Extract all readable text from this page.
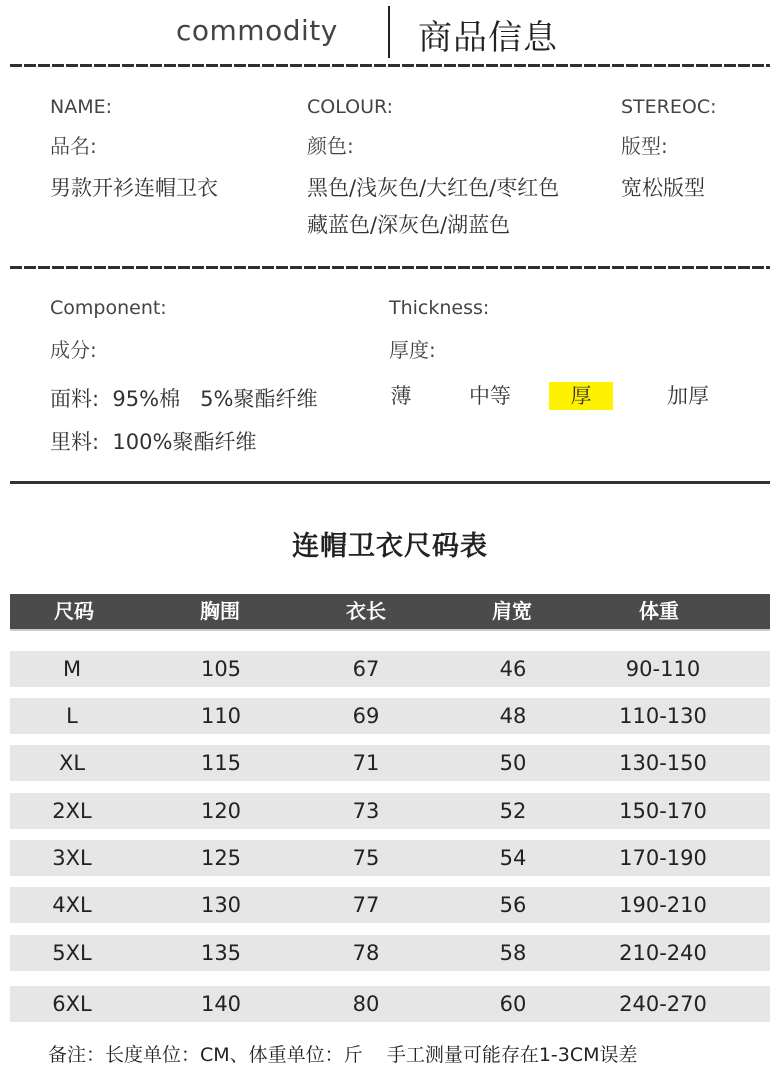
commodity 商品信息
NAME:
品名:
男款开衫连帽卫衣
COLOUR:
颜色:
黑色/浅灰色/大红色/枣红色
藏蓝色/深灰色/湖蓝色
STEREOC:
版型:
宽松版型
Component:
成分:
面料:  95%棉   5%聚酯纤维
里料:  100%聚酯纤维
Thickness:
厚度:
薄	中等	厚	加厚
连帽卫衣尺码表
尺码	胸围	衣长	肩宽	体重
M	105	67	46	90-110
L	110	69	48	110-130
XL	115	71	50	130-150
2XL	120	73	52	150-170
3XL	125	75	54	170-190
4XL	130	77	56	190-210
5XL	135	78	58	210-240
6XL	140	80	60	240-270
备注：长度单位：CM、体重单位：斤    手工测量可能存在1-3CM误差
